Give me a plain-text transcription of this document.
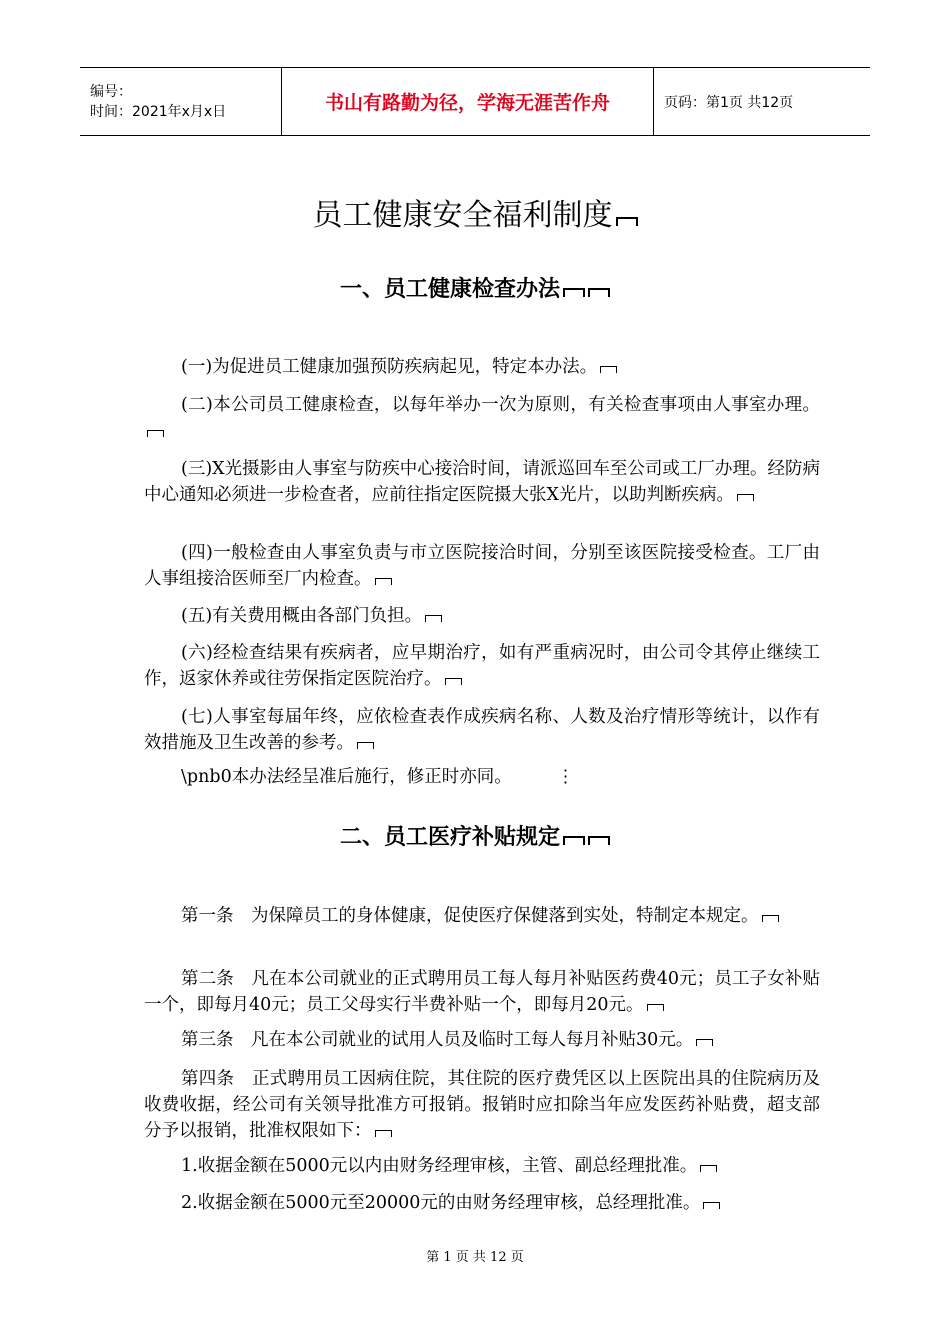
编号：
时间：2021年x月x日	书山有路勤为径，学海无涯苦作舟	页码：第1页 共12页
员工健康安全福利制度
一、员工健康检查办法
(一)为促进员工健康加强预防疾病起见，特定本办法。
(二)本公司员工健康检查，以每年举办一次为原则，有关检查事项由人事室办理。
(三)X光摄影由人事室与防疾中心接洽时间，请派巡回车至公司或工厂办理。经防病中心通知必须进一步检查者，应前往指定医院摄大张X光片，以助判断疾病。
(四)一般检查由人事室负责与市立医院接洽时间，分别至该医院接受检查。工厂由人事组接洽医师至厂内检查。
(五)有关费用概由各部门负担。
(六)经检查结果有疾病者，应早期治疗，如有严重病况时，由公司令其停止继续工作，返家休养或往劳保指定医院治疗。
(七)人事室每届年终，应依检查表作成疾病名称、人数及治疗情形等统计，以作有效措施及卫生改善的参考。
\pnb0本办法经呈准后施行，修正时亦同。	⋮
二、员工医疗补贴规定
第一条　为保障员工的身体健康，促使医疗保健落到实处，特制定本规定。
第二条　凡在本公司就业的正式聘用员工每人每月补贴医药费40元；员工子女补贴一个，即每月40元；员工父母实行半费补贴一个，即每月20元。
第三条　凡在本公司就业的试用人员及临时工每人每月补贴30元。
第四条　正式聘用员工因病住院，其住院的医疗费凭区以上医院出具的住院病历及收费收据，经公司有关领导批准方可报销。报销时应扣除当年应发医药补贴费，超支部分予以报销，批准权限如下：
1.收据金额在5000元以内由财务经理审核，主管、副总经理批准。
2.收据金额在5000元至20000元的由财务经理审核，总经理批准。
第 1 页 共 12 页
